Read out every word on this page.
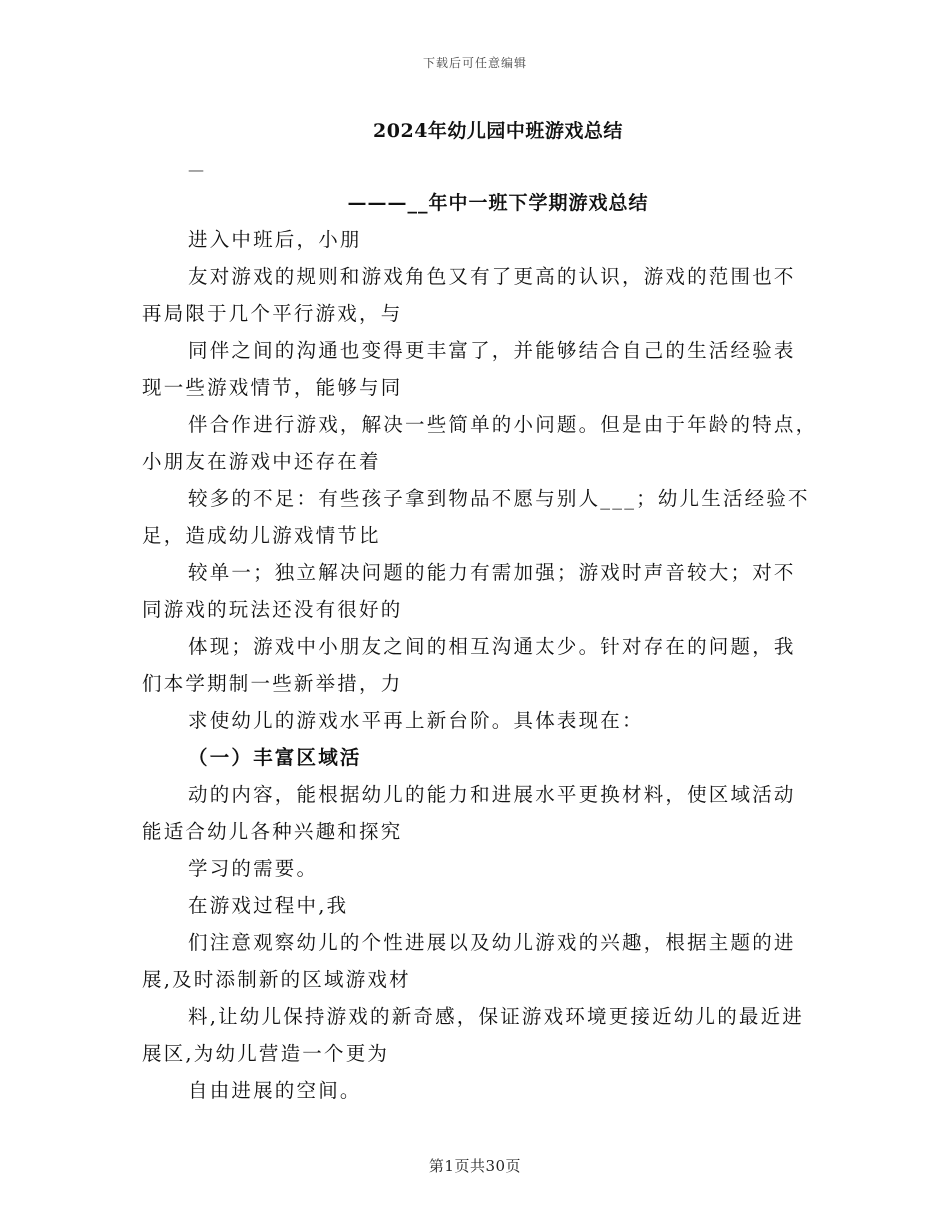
下载后可任意编辑
2024年幼儿园中班游戏总结
—
———__年中一班下学期游戏总结
进入中班后，小朋
友对游戏的规则和游戏角色又有了更高的认识，游戏的范围也不
再局限于几个平行游戏，与
同伴之间的沟通也变得更丰富了，并能够结合自己的生活经验表
现一些游戏情节，能够与同
伴合作进行游戏，解决一些简单的小问题。但是由于年龄的特点，
小朋友在游戏中还存在着
较多的不足：有些孩子拿到物品不愿与别人___；幼儿生活经验不
足，造成幼儿游戏情节比
较单一；独立解决问题的能力有需加强；游戏时声音较大；对不
同游戏的玩法还没有很好的
体现；游戏中小朋友之间的相互沟通太少。针对存在的问题，我
们本学期制一些新举措，力
求使幼儿的游戏水平再上新台阶。具体表现在：
（一）丰富区域活
动的内容，能根据幼儿的能力和进展水平更换材料，使区域活动
能适合幼儿各种兴趣和探究
学习的需要。
在游戏过程中,我
们注意观察幼儿的个性进展以及幼儿游戏的兴趣，根据主题的进
展,及时添制新的区域游戏材
料,让幼儿保持游戏的新奇感，保证游戏环境更接近幼儿的最近进
展区,为幼儿营造一个更为
自由进展的空间。
第1页共30页
